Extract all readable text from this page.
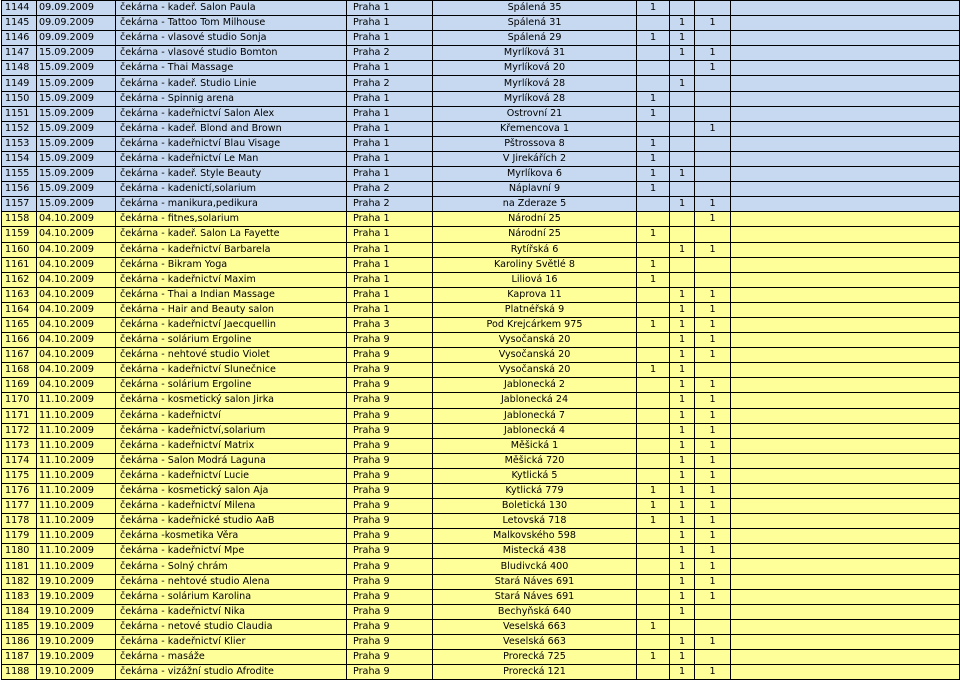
1144	09.09.2009	čekárna - kadeř. Salon Paula	Praha 1	Spálená 35	1			
1145	09.09.2009	čekárna - Tattoo Tom Milhouse	Praha 1	Spálená 31		1	1	
1146	09.09.2009	čekárna - vlasové studio Sonja	Praha 1	Spálená 29	1	1		
1147	15.09.2009	čekárna - vlasové studio Bomton	Praha 2	Myrlíková 31		1	1	
1148	15.09.2009	čekárna - Thai Massage	Praha 1	Myrlíková 20			1	
1149	15.09.2009	čekárna - kadeř. Studio Linie	Praha 2	Myrlíková 28		1		
1150	15.09.2009	čekárna - Spinnig arena	Praha 1	Myrlíková 28	1			
1151	15.09.2009	čekárna - kadeřnictví Salon Alex	Praha 1	Ostrovní 21	1			
1152	15.09.2009	čekárna - kadeř. Blond and Brown	Praha 1	Křemencova 1			1	
1153	15.09.2009	čekárna - kadeřnictví Blau Visage	Praha 1	Pštrossova 8	1			
1154	15.09.2009	čekárna - kadeřnictví Le Man	Praha 1	V Jirekářích 2	1			
1155	15.09.2009	čekárna - kadeř. Style Beauty	Praha 1	Myrlíkova 6	1	1		
1156	15.09.2009	čekárna - kadenictí,solarium	Praha 2	Náplavní 9	1			
1157	15.09.2009	čekárna - manikura,pedikura	Praha 2	na Zderaze 5		1	1	
1158	04.10.2009	čekárna - fitnes,solarium	Praha 1	Národní 25			1	
1159	04.10.2009	čekárna - kadeř. Salon La Fayette	Praha 1	Národní 25	1			
1160	04.10.2009	čekárna - kadeřnictví Barbarela	Praha 1	Rytířská 6		1	1	
1161	04.10.2009	čekárna - Bikram Yoga	Praha 1	Karoliny Světlé 8	1			
1162	04.10.2009	čekárna - kadeřnictví Maxim	Praha 1	Liliová 16	1			
1163	04.10.2009	čekárna - Thai a Indian Massage	Praha 1	Kaprova 11		1	1	
1164	04.10.2009	čekárna - Hair and Beauty salon	Praha 1	Platnéřská 9		1	1	
1165	04.10.2009	čekárna - kadeřnictví Jaecquellin	Praha 3	Pod Krejcárkem 975	1	1	1	
1166	04.10.2009	čekárna - solárium Ergoline	Praha 9	Vysočanská 20		1	1	
1167	04.10.2009	čekárna - nehtové studio Violet	Praha 9	Vysočanská 20		1	1	
1168	04.10.2009	čekárna - kadeřnictví Slunečnice	Praha 9	Vysočanská 20	1	1		
1169	04.10.2009	čekárna - solárium Ergoline	Praha 9	Jablonecká 2		1	1	
1170	11.10.2009	čekárna - kosmetický salon Jirka	Praha 9	Jablonecká 24		1	1	
1171	11.10.2009	čekárna - kadeřnictví	Praha 9	Jablonecká 7		1	1	
1172	11.10.2009	čekárna - kadeřnictví,solarium	Praha 9	Jablonecká 4		1	1	
1173	11.10.2009	čekárna - kadeřnictví Matrix	Praha 9	Měšická 1		1	1	
1174	11.10.2009	čekárna - Salon Modrá Laguna	Praha 9	Měšická 720		1	1	
1175	11.10.2009	čekárna - kadeřnictví Lucie	Praha 9	Kytlická 5		1	1	
1176	11.10.2009	čekárna - kosmetický salon Aja	Praha 9	Kytlická 779	1	1	1	
1177	11.10.2009	čekárna - kadeřnictví Milena	Praha 9	Boletická 130	1	1	1	
1178	11.10.2009	čekárna - kadeřnické studio AaB	Praha 9	Letovská 718	1	1	1	
1179	11.10.2009	čekárna -kosmetika Věra	Praha 9	Malkovského 598		1	1	
1180	11.10.2009	čekárna - kadeřnictví Mpe	Praha 9	Mistecká 438		1	1	
1181	11.10.2009	čekárna - Solný chrám	Praha 9	Bludivcká 400		1	1	
1182	19.10.2009	čekárna - nehtové studio Alena	Praha 9	Stará Náves 691		1	1	
1183	19.10.2009	čekárna - solárium Karolina	Praha 9	Stará Náves 691		1	1	
1184	19.10.2009	čekárna - kadeřnictví Nika	Praha 9	Bechyňská 640		1		
1185	19.10.2009	čekárna - netové studio Claudia	Praha 9	Veselská 663	1			
1186	19.10.2009	čekárna - kadeřnictví Klier	Praha 9	Veselská 663		1	1	
1187	19.10.2009	čekárna - masáže	Praha 9	Prorecká 725	1	1		
1188	19.10.2009	čekárna - vizážní studio Afrodite	Praha 9	Prorecká 121		1	1	
